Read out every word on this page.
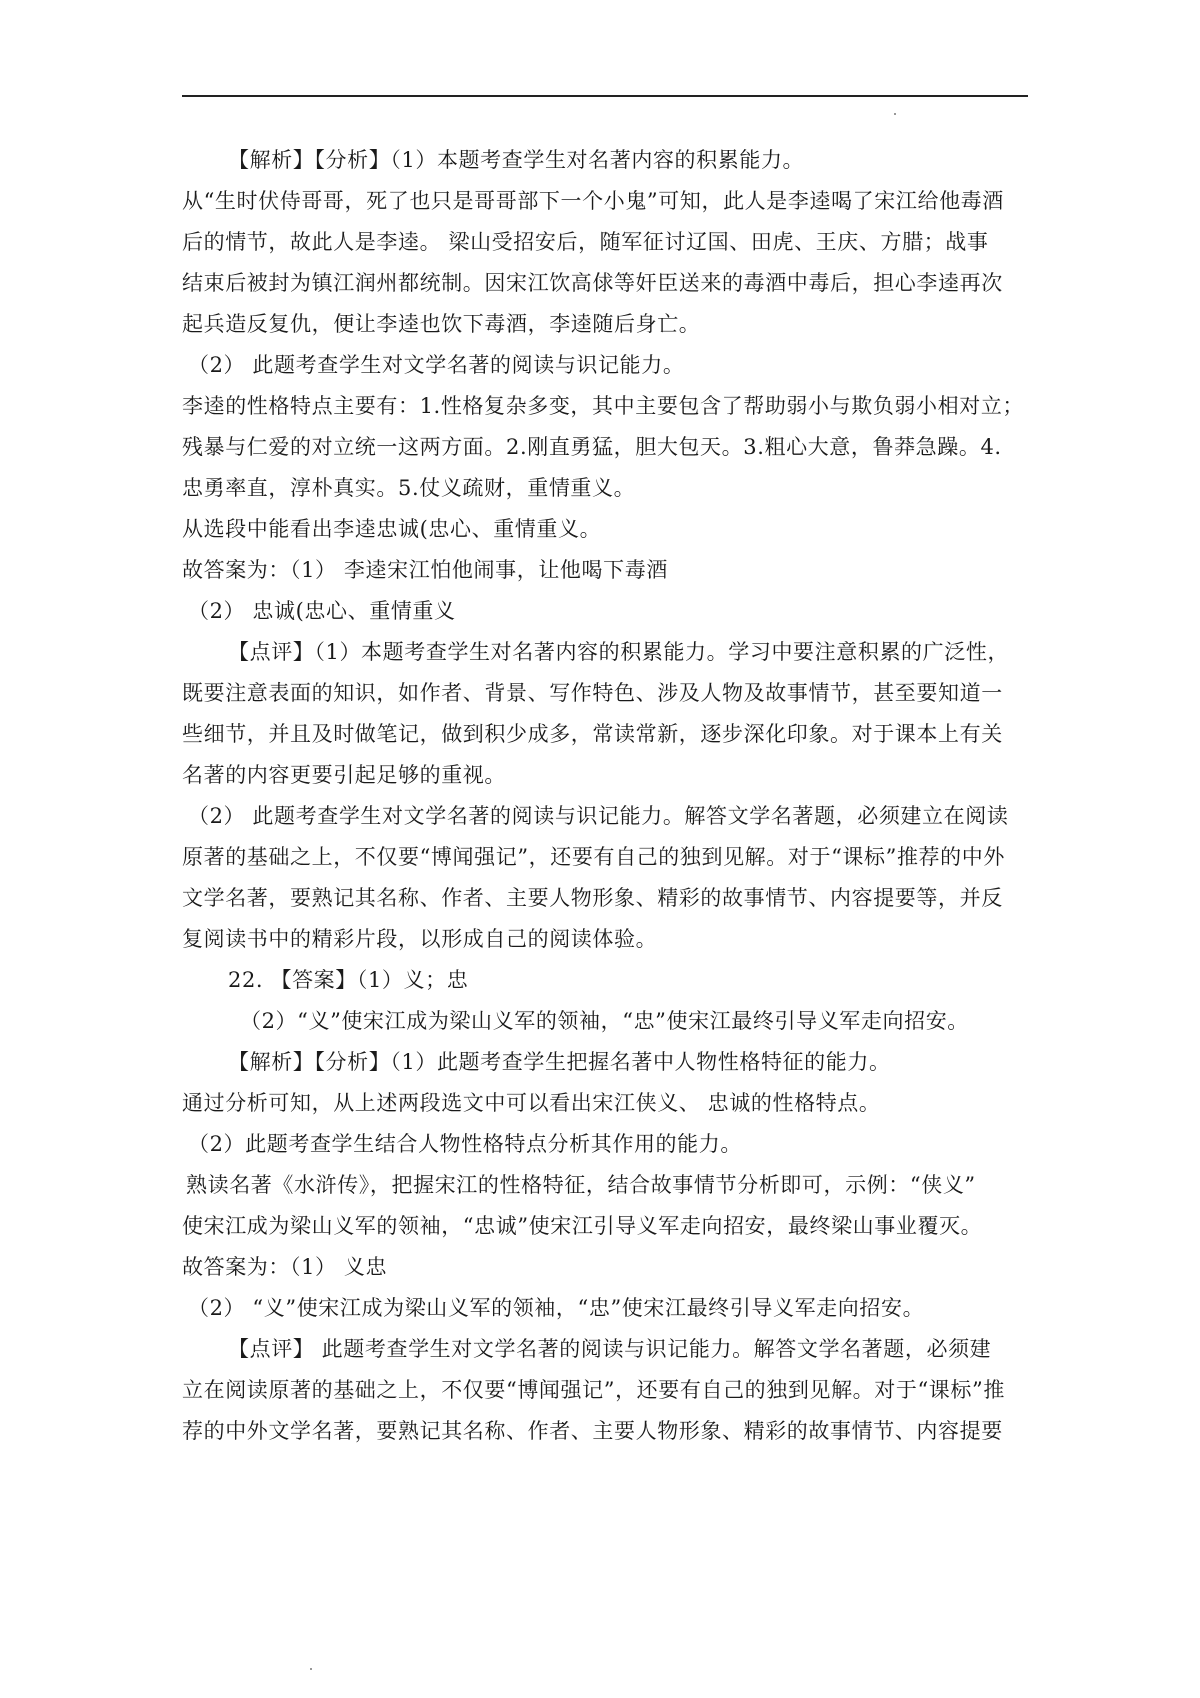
【解析】【分析】（1）本题考查学生对名著内容的积累能力。

从“生时伏侍哥哥，死了也只是哥哥部下一个小鬼”可知，此人是李逵喝了宋江给他毒酒

后的情节，故此人是李逵。 梁山受招安后，随军征讨辽国、田虎、王庆、方腊；战事

结束后被封为镇江润州都统制。因宋江饮高俅等奸臣送来的毒酒中毒后，担心李逵再次

起兵造反复仇，便让李逵也饮下毒酒，李逵随后身亡。

（2） 此题考查学生对文学名著的阅读与识记能力。

李逵的性格特点主要有：1.性格复杂多变，其中主要包含了帮助弱小与欺负弱小相对立；

残暴与仁爱的对立统一这两方面。2.刚直勇猛，胆大包天。3.粗心大意，鲁莽急躁。4.

忠勇率直，淳朴真实。5.仗义疏财，重情重义。

从选段中能看出李逵忠诚(忠心、重情重义。

故答案为：（1） 李逵宋江怕他闹事，让他喝下毒酒

（2） 忠诚(忠心、重情重义

【点评】（1）本题考查学生对名著内容的积累能力。学习中要注意积累的广泛性，

既要注意表面的知识，如作者、背景、写作特色、涉及人物及故事情节，甚至要知道一

些细节，并且及时做笔记，做到积少成多，常读常新，逐步深化印象。对于课本上有关

名著的内容更要引起足够的重视。

（2） 此题考查学生对文学名著的阅读与识记能力。解答文学名著题，必须建立在阅读

原著的基础之上，不仅要“博闻强记”，还要有自己的独到见解。对于“课标”推荐的中外

文学名著，要熟记其名称、作者、主要人物形象、精彩的故事情节、内容提要等，并反

复阅读书中的精彩片段，以形成自己的阅读体验。

22. 【答案】（1）义；忠

（2）“义”使宋江成为梁山义军的领袖，“忠”使宋江最终引导义军走向招安。

【解析】【分析】（1）此题考查学生把握名著中人物性格特征的能力。

通过分析可知，从上述两段选文中可以看出宋江侠义、 忠诚的性格特点。

（2）此题考查学生结合人物性格特点分析其作用的能力。

熟读名著《水浒传》，把握宋江的性格特征，结合故事情节分析即可，示例：“侠义”

使宋江成为梁山义军的领袖，“忠诚”使宋江引导义军走向招安，最终梁山事业覆灭。

故答案为：（1） 义忠

（2） “义”使宋江成为梁山义军的领袖，“忠”使宋江最终引导义军走向招安。

【点评】 此题考查学生对文学名著的阅读与识记能力。解答文学名著题，必须建

立在阅读原著的基础之上，不仅要“博闻强记”，还要有自己的独到见解。对于“课标”推

荐的中外文学名著，要熟记其名称、作者、主要人物形象、精彩的故事情节、内容提要
